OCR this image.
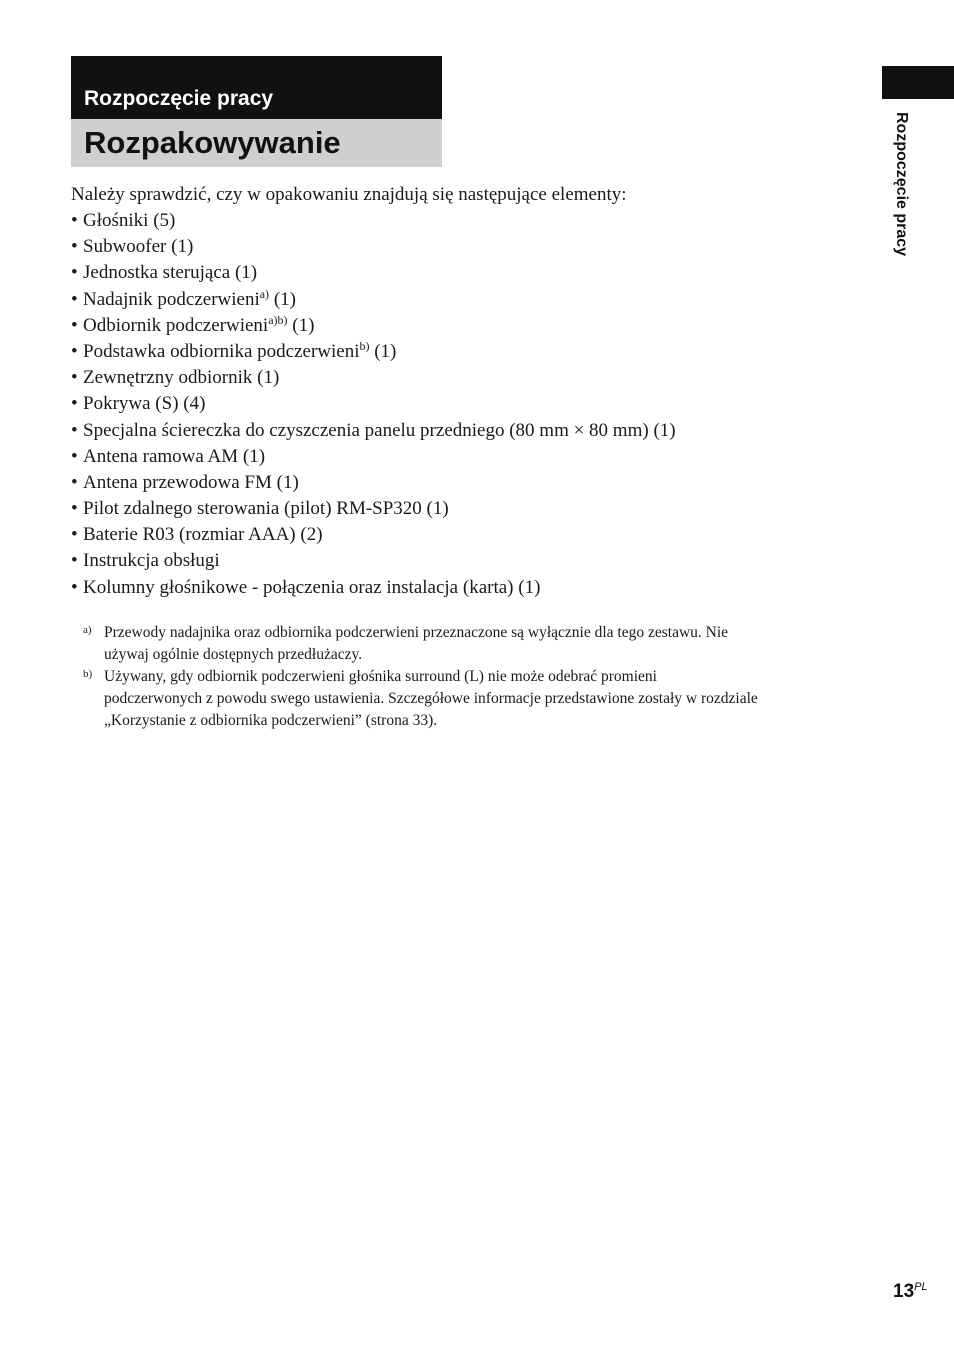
Rozpoczęcie pracy
Rozpakowywanie	Rozpoczęcie pracy
Należy sprawdzić, czy w opakowaniu znajdują się następujące elementy:
• Głośniki (5)
• Subwoofer (1)
• Jednostka sterująca (1)
• Nadajnik podczerwieni$^{a)}$ (1)
• Odbiornik podczerwieni$^{a)b)}$ (1)
• Podstawka odbiornika podczerwieni$^{b)}$ (1)
• Zewnętrzny odbiornik (1)
• Pokrywa (S) (4)
• Specjalna ściereczka do czyszczenia panelu przedniego (80 mm × 80 mm) (1)
• Antena ramowa AM (1)
• Antena przewodowa FM (1)
• Pilot zdalnego sterowania (pilot) RM-SP320 (1)
• Baterie R03 (rozmiar AAA) (2)
• Instrukcja obsługi
• Kolumny głośnikowe - połączenia oraz instalacja (karta) (1)
a) Przewody nadajnika oraz odbiornika podczerwieni przeznaczone są wyłącznie dla tego zestawu. Nie
używaj ogólnie dostępnych przedłużaczy.
b) Używany, gdy odbiornik podczerwieni głośnika surround (L) nie może odebrać promieni
podczerwonych z powodu swego ustawienia. Szczegółowe informacje przedstawione zostały w rozdziale
„Korzystanie z odbiornika podczerwieni” (strona 33).
$13^{PL}$
